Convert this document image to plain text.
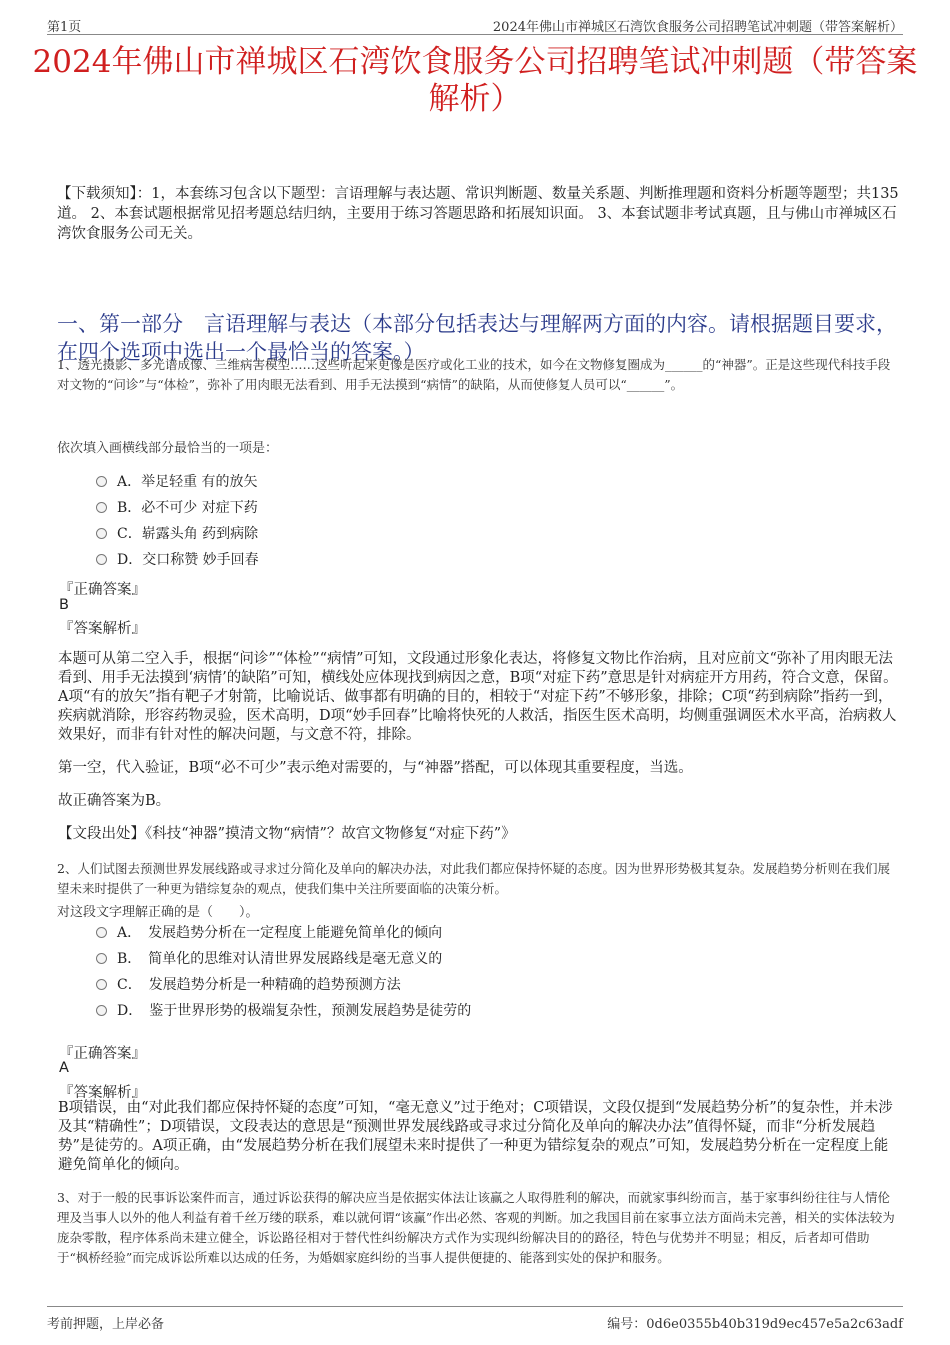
第1页	2024年佛山市禅城区石湾饮食服务公司招聘笔试冲刺题（带答案解析）
2024年佛山市禅城区石湾饮食服务公司招聘笔试冲刺题（带答案解析）
【下载须知】：1，本套练习包含以下题型：言语理解与表达题、常识判断题、数量关系题、判断推理题和资料分析题等题型；共135道。 2、本套试题根据常见招考题总结归纳，主要用于练习答题思路和拓展知识面。 3、本套试题非考试真题，且与佛山市禅城区石湾饮食服务公司无关。
一、第一部分　言语理解与表达（本部分包括表达与理解两方面的内容。请根据题目要求，在四个选项中选出一个最恰当的答案。）
1、透光摄影、多光谱成像、三维病害模型……这些听起来更像是医疗或化工业的技术，如今在文物修复圈成为______的“神器”。正是这些现代科技手段对文物的“问诊”与“体检”，弥补了用肉眼无法看到、用手无法摸到“病情”的缺陷，从而使修复人员可以“______”。
依次填入画横线部分最恰当的一项是：
A．举足轻重 有的放矢
B．必不可少 对症下药
C．崭露头角 药到病除
D．交口称赞 妙手回春
『正确答案』
B
『答案解析』
本题可从第二空入手，根据“问诊”“体检”“病情”可知，文段通过形象化表达，将修复文物比作治病，且对应前文“弥补了用肉眼无法看到、用手无法摸到‘病情’的缺陷”可知，横线处应体现找到病因之意，B项“对症下药”意思是针对病症开方用药，符合文意，保留。A项“有的放矢”指有靶子才射箭，比喻说话、做事都有明确的目的，相较于“对症下药”不够形象，排除；C项“药到病除”指药一到，疾病就消除，形容药物灵验，医术高明，D项“妙手回春”比喻将快死的人救活，指医生医术高明，均侧重强调医术水平高，治病救人效果好，而非有针对性的解决问题，与文意不符，排除。
第一空，代入验证，B项“必不可少”表示绝对需要的，与“神器”搭配，可以体现其重要程度，当选。
故正确答案为B。
【文段出处】《科技“神器”摸清文物“病情”？故宫文物修复“对症下药”》
2、人们试图去预测世界发展线路或寻求过分简化及单向的解决办法，对此我们都应保持怀疑的态度。因为世界形势极其复杂。发展趋势分析则在我们展望未来时提供了一种更为错综复杂的观点，使我们集中关注所要面临的决策分析。
对这段文字理解正确的是（　　）。
A．　发展趋势分析在一定程度上能避免简单化的倾向
B．　简单化的思维对认清世界发展路线是毫无意义的
C．　发展趋势分析是一种精确的趋势预测方法
D．　鉴于世界形势的极端复杂性，预测发展趋势是徒劳的
『正确答案』
A
『答案解析』
B项错误，由“对此我们都应保持怀疑的态度”可知，“毫无意义”过于绝对；C项错误，文段仅提到“发展趋势分析”的复杂性，并未涉及其“精确性”；D项错误，文段表达的意思是“预测世界发展线路或寻求过分简化及单向的解决办法”值得怀疑，而非“分析发展趋势”是徒劳的。A项正确，由“发展趋势分析在我们展望未来时提供了一种更为错综复杂的观点”可知，发展趋势分析在一定程度上能避免简单化的倾向。
3、对于一般的民事诉讼案件而言，通过诉讼获得的解决应当是依据实体法让该赢之人取得胜利的解决，而就家事纠纷而言，基于家事纠纷往往与人情伦理及当事人以外的他人利益有着千丝万缕的联系，难以就何谓“该赢”作出必然、客观的判断。加之我国目前在家事立法方面尚未完善，相关的实体法较为庞杂零散，程序体系尚未建立健全，诉讼路径相对于替代性纠纷解决方式作为实现纠纷解决目的的路径，特色与优势并不明显；相反，后者却可借助于“枫桥经验”而完成诉讼所难以达成的任务，为婚姻家庭纠纷的当事人提供便捷的、能落到实处的保护和服务。
考前押题，上岸必备	编号：0d6e0355b40b319d9ec457e5a2c63adf
